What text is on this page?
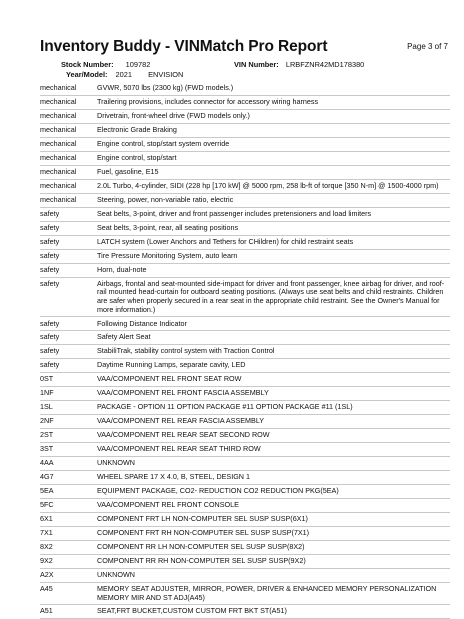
Inventory Buddy - VINMatch Pro Report	Page 3 of 7
Stock Number: 109782	VIN Number: LRBFZNR42MD178380
Year/Model: 2021 ENVISION
mechanical	GVWR, 5070 lbs (2300 kg) (FWD models.)
mechanical	Trailering provisions, includes connector for accessory wiring harness
mechanical	Drivetrain, front-wheel drive (FWD models only.)
mechanical	Electronic Grade Braking
mechanical	Engine control, stop/start system override
mechanical	Engine control, stop/start
mechanical	Fuel, gasoline, E15
mechanical	2.0L Turbo, 4-cylinder, SIDI (228 hp [170 kW] @ 5000 rpm, 258 lb-ft of torque [350 N-m] @ 1500-4000 rpm)
mechanical	Steering, power, non-variable ratio, electric
safety	Seat belts, 3-point, driver and front passenger includes pretensioners and load limiters
safety	Seat belts, 3-point, rear, all seating positions
safety	LATCH system (Lower Anchors and Tethers for CHildren) for child restraint seats
safety	Tire Pressure Monitoring System, auto learn
safety	Horn, dual-note
safety	Airbags, frontal and seat-mounted side-impact for driver and front passenger, knee airbag for driver, and roof-rail mounted head-curtain for outboard seating positions. (Always use seat belts and child restraints. Children are safer when properly secured in a rear seat in the appropriate child restraint. See the Owner's Manual for more information.)
safety	Following Distance Indicator
safety	Safety Alert Seat
safety	StabiliTrak, stability control system with Traction Control
safety	Daytime Running Lamps, separate cavity, LED
0ST	VAA/COMPONENT REL FRONT SEAT ROW
1NF	VAA/COMPONENT REL FRONT FASCIA ASSEMBLY
1SL	PACKAGE - OPTION 11 OPTION PACKAGE #11 OPTION PACKAGE #11 (1SL)
2NF	VAA/COMPONENT REL REAR FASCIA ASSEMBLY
2ST	VAA/COMPONENT REL REAR SEAT SECOND ROW
3ST	VAA/COMPONENT REL REAR SEAT THIRD ROW
4AA	UNKNOWN
4G7	WHEEL SPARE 17 X 4.0, B, STEEL, DESIGN 1
5EA	EQUIPMENT PACKAGE, CO2- REDUCTION CO2 REDUCTION PKG(5EA)
5FC	VAA/COMPONENT REL FRONT CONSOLE
6X1	COMPONENT FRT LH NON-COMPUTER SEL SUSP SUSP(6X1)
7X1	COMPONENT FRT RH NON-COMPUTER SEL SUSP SUSP(7X1)
8X2	COMPONENT RR LH NON-COMPUTER SEL SUSP SUSP(8X2)
9X2	COMPONENT RR RH NON-COMPUTER SEL SUSP SUSP(9X2)
A2X	UNKNOWN
A45	MEMORY SEAT ADJUSTER, MIRROR, POWER, DRIVER & ENHANCED MEMORY PERSONALIZATION MEMORY MIR AND ST ADJ(A45)
A51	SEAT,FRT BUCKET,CUSTOM CUSTOM FRT BKT ST(A51)
